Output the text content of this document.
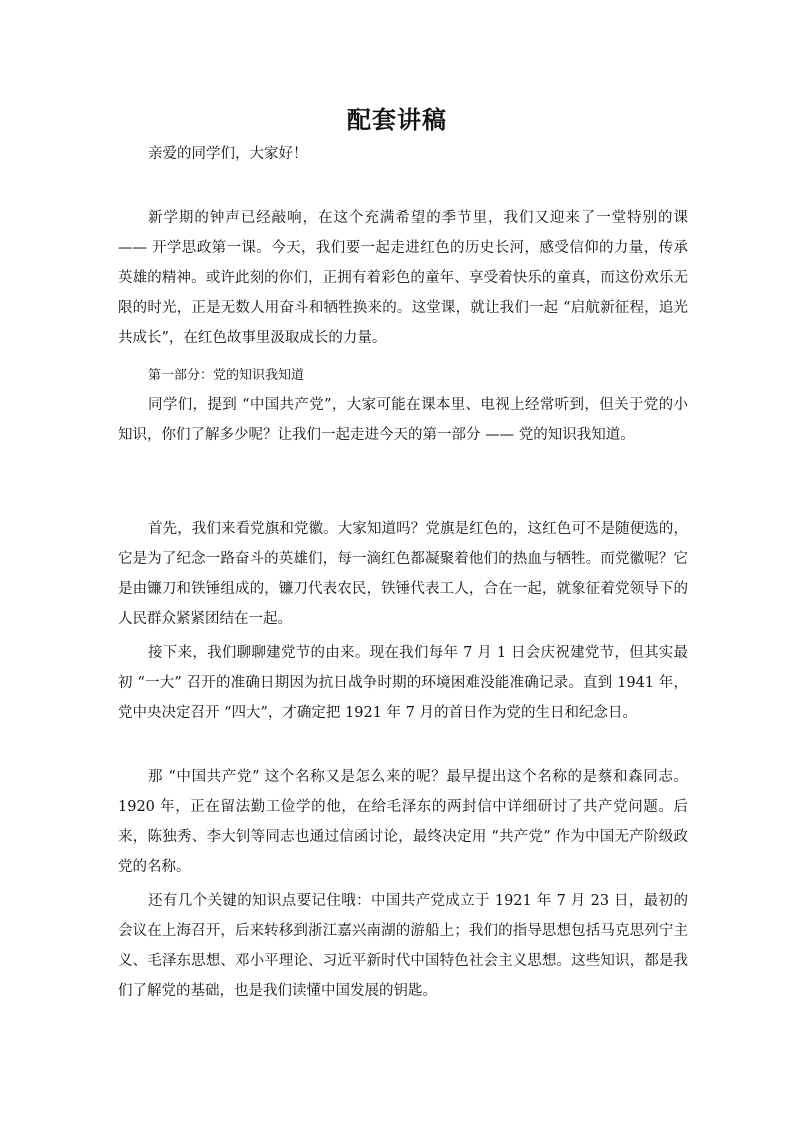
配套讲稿

亲爱的同学们，大家好！

新学期的钟声已经敲响，在这个充满希望的季节里，我们又迎来了一堂特别的课 —— 开学思政第一课。今天，我们要一起走进红色的历史长河，感受信仰的力量，传承英雄的精神。或许此刻的你们，正拥有着彩色的童年、享受着快乐的童真，而这份欢乐无限的时光，正是无数人用奋斗和牺牲换来的。这堂课，就让我们一起 “启航新征程，追光共成长”，在红色故事里汲取成长的力量。

第一部分：党的知识我知道

同学们，提到 “中国共产党”，大家可能在课本里、电视上经常听到，但关于党的小知识，你们了解多少呢？让我们一起走进今天的第一部分 —— 党的知识我知道。

首先，我们来看党旗和党徽。大家知道吗？党旗是红色的，这红色可不是随便选的，它是为了纪念一路奋斗的英雄们，每一滴红色都凝聚着他们的热血与牺牲。而党徽呢？它是由镰刀和铁锤组成的，镰刀代表农民，铁锤代表工人，合在一起，就象征着党领导下的人民群众紧紧团结在一起。

接下来，我们聊聊建党节的由来。现在我们每年 7 月 1 日会庆祝建党节，但其实最初 “一大” 召开的准确日期因为抗日战争时期的环境困难没能准确记录。直到 1941 年，党中央决定召开 “四大”，才确定把 1921 年 7 月的首日作为党的生日和纪念日。

那 “中国共产党” 这个名称又是怎么来的呢？最早提出这个名称的是蔡和森同志。1920 年，正在留法勤工俭学的他，在给毛泽东的两封信中详细研讨了共产党问题。后来，陈独秀、李大钊等同志也通过信函讨论，最终决定用 “共产党” 作为中国无产阶级政党的名称。

还有几个关键的知识点要记住哦：中国共产党成立于 1921 年 7 月 23 日，最初的会议在上海召开，后来转移到浙江嘉兴南湖的游船上；我们的指导思想包括马克思列宁主义、毛泽东思想、邓小平理论、习近平新时代中国特色社会主义思想。这些知识，都是我们了解党的基础，也是我们读懂中国发展的钥匙。
